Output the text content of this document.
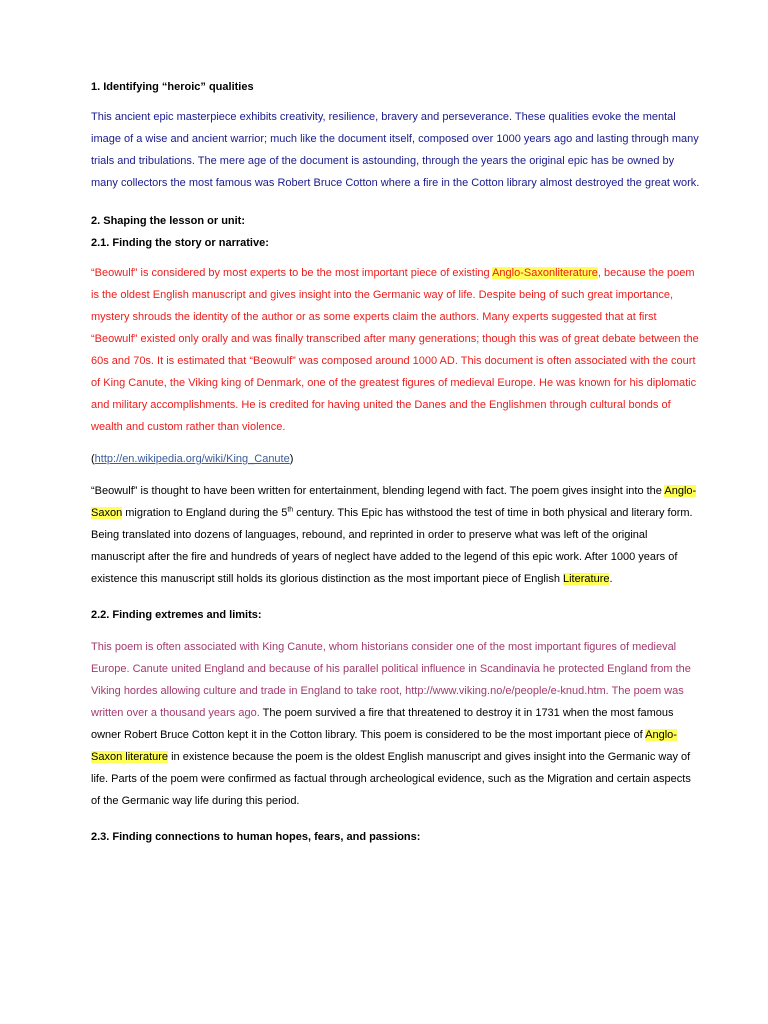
1. Identifying “heroic” qualities

This ancient epic masterpiece exhibits creativity, resilience, bravery and perseverance. These qualities evoke the mental image of a wise and ancient warrior; much like the document itself, composed over 1000 years ago and lasting through many trials and tribulations. The mere age of the document is astounding, through the years the original epic has be owned by many collectors the most famous was Robert Bruce Cotton where a fire in the Cotton library almost destroyed the great work.

2. Shaping the lesson or unit:

2.1. Finding the story or narrative:

“Beowulf” is considered by most experts to be the most important piece of existing Anglo-Saxonliterature, because the poem is the oldest English manuscript and gives insight into the Germanic way of life. Despite being of such great importance, mystery shrouds the identity of the author or as some experts claim the authors. Many experts suggested that at first “Beowulf” existed only orally and was finally transcribed after many generations; though this was of great debate between the 60s and 70s. It is estimated that “Beowulf” was composed around 1000 AD. This document is often associated with the court of King Canute, the Viking king of Denmark, one of the greatest figures of medieval Europe. He was known for his diplomatic and military accomplishments. He is credited for having united the Danes and the Englishmen through cultural bonds of wealth and custom rather than violence.

(http://en.wikipedia.org/wiki/King_Canute)

“Beowulf” is thought to have been written for entertainment, blending legend with fact. The poem gives insight into the Anglo-Saxon migration to England during the 5th century. This Epic has withstood the test of time in both physical and literary form. Being translated into dozens of languages, rebound, and reprinted in order to preserve what was left of the original manuscript after the fire and hundreds of years of neglect have added to the legend of this epic work. After 1000 years of existence this manuscript still holds its glorious distinction as the most important piece of English Literature.

2.2. Finding extremes and limits:

This poem is often associated with King Canute, whom historians consider one of the most important figures of medieval Europe. Canute united England and because of his parallel political influence in Scandinavia he protected England from the Viking hordes allowing culture and trade in England to take root, http://www.viking.no/e/people/e-knud.htm. The poem was written over a thousand years ago. The poem survived a fire that threatened to destroy it in 1731 when the most famous owner Robert Bruce Cotton kept it in the Cotton library. This poem is considered to be the most important piece of Anglo-Saxon literature in existence because the poem is the oldest English manuscript and gives insight into the Germanic way of life. Parts of the poem were confirmed as factual through archeological evidence, such as the Migration and certain aspects of the Germanic way life during this period.

2.3. Finding connections to human hopes, fears, and passions:
